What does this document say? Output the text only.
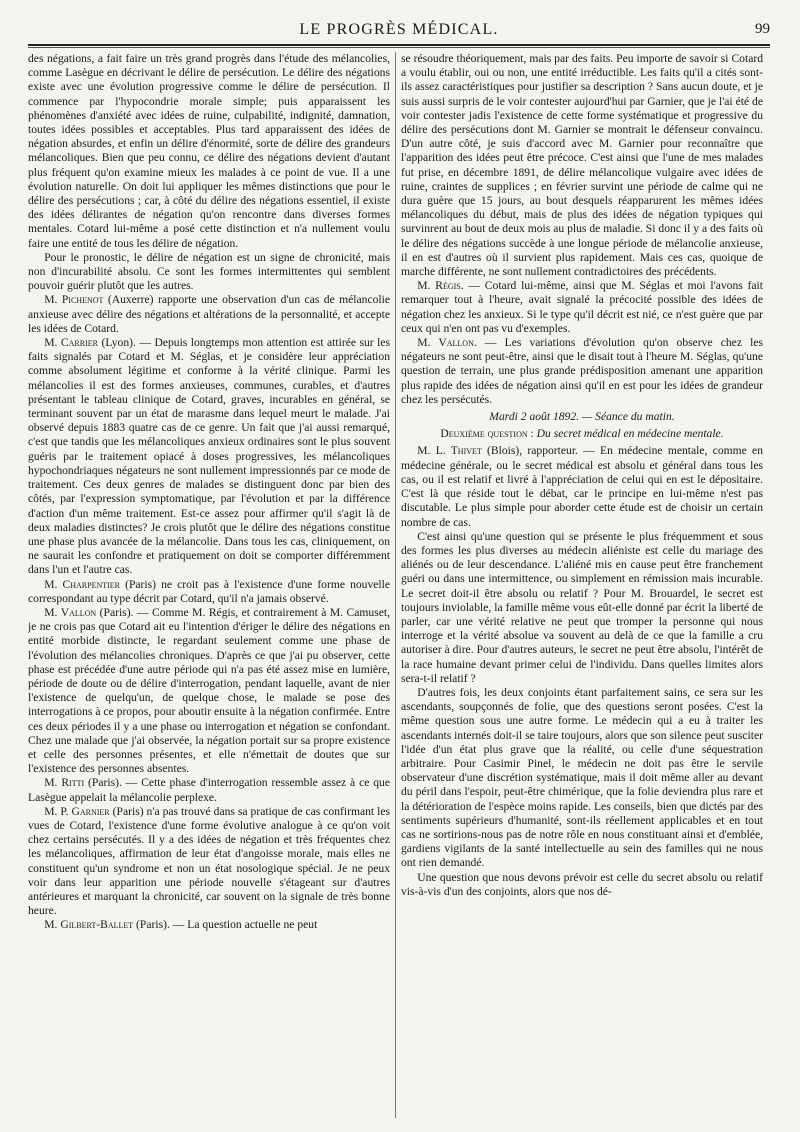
LE PROGRÈS MÉDICAL.	99

des négations, a fait faire un très grand progrès dans l'étude des mélancolies, comme Lasègue en décrivant le délire de persécution. Le délire des négations existe avec une évolution progressive comme le délire de persécution. Il commence par l'hypocondrie morale simple; puis apparaissent les phénomènes d'anxiété avec idées de ruine, culpabilité, indignité, damnation, toutes idées possibles et acceptables. Plus tard apparaissent des idées de négation absurdes, et enfin un délire d'énormité, sorte de délire des grandeurs mélancoliques. Bien que peu connu, ce délire des négations devient d'autant plus fréquent qu'on examine mieux les malades à ce point de vue. Il a une évolution naturelle. On doit lui appliquer les mêmes distinctions que pour le délire des persécutions ; car, à côté du délire des négations essentiel, il existe des idées délirantes de négation qu'on rencontre dans diverses formes mentales. Cotard lui-même a posé cette distinction et n'a nullement voulu faire une entité de tous les délire de négation.

Pour le pronostic, le délire de négation est un signe de chronicité, mais non d'incurabilité absolu. Ce sont les formes intermittentes qui semblent pouvoir guérir plutôt que les autres.

M. Pichenot (Auxerre) rapporte une observation d'un cas de mélancolie anxieuse avec délire des négations et altérations de la personnalité, et accepte les idées de Cotard.

M. Carrier (Lyon). — Depuis longtemps mon attention est attirée sur les faits signalés par Cotard et M. Séglas, et je considère leur appréciation comme absolument légitime et conforme à la vérité clinique. Parmi les mélancolies il est des formes anxieuses, communes, curables, et d'autres présentant le tableau clinique de Cotard, graves, incurables en général, se terminant souvent par un état de marasme dans lequel meurt le malade. J'ai observé depuis 1883 quatre cas de ce genre. Un fait que j'ai aussi remarqué, c'est que tandis que les mélancoliques anxieux ordinaires sont le plus souvent guéris par le traitement opiacé à doses progressives, les mélancoliques hypochondriaques négateurs ne sont nullement impressionnés par ce mode de traitement. Ces deux genres de malades se distinguent donc par bien des côtés, par l'expression symptomatique, par l'évolution et par la différence d'action d'un même traitement. Est-ce assez pour affirmer qu'il s'agit là de deux maladies distinctes? Je crois plutôt que le délire des négations constitue une phase plus avancée de la mélancolie. Dans tous les cas, cliniquement, on ne saurait les confondre et pratiquement on doit se comporter différemment dans l'un et l'autre cas.

M. Charpentier (Paris) ne croit pas à l'existence d'une forme nouvelle correspondant au type décrit par Cotard, qu'il n'a jamais observé.

M. Vallon (Paris). — Comme M. Régis, et contrairement à M. Camuset, je ne crois pas que Cotard ait eu l'intention d'ériger le délire des négations en entité morbide distincte, le regardant seulement comme une phase de l'évolution des mélancolies chroniques. D'après ce que j'ai pu observer, cette phase est précédée d'une autre période qui n'a pas été assez mise en lumière, période de doute ou de délire d'interrogation, pendant laquelle, avant de nier l'existence de quelqu'un, de quelque chose, le malade se pose des interrogations à ce propos, pour aboutir ensuite à la négation confirmée. Entre ces deux périodes il y a une phase ou interrogation et négation se confondant. Chez une malade que j'ai observée, la négation portait sur sa propre existence et celle des personnes présentes, et elle n'émettait de doutes que sur l'existence des personnes absentes.

M. Ritti (Paris). — Cette phase d'interrogation ressemble assez à ce que Lasègue appelait la mélancolie perplexe.

M. P. Garnier (Paris) n'a pas trouvé dans sa pratique de cas confirmant les vues de Cotard, l'existence d'une forme évolutive analogue à ce qu'on voit chez certains persécutés. Il y a des idées de négation et très fréquentes chez les mélancoliques, affirmation de leur état d'angoisse morale, mais elles ne constituent qu'un syndrome et non un état nosologique spécial. Je ne peux voir dans leur apparition une période nouvelle s'étageant sur d'autres antérieures et marquant la chronicité, car souvent on la signale de très bonne heure.

M. Gilbert-Ballet (Paris). — La question actuelle ne peut

se résoudre théoriquement, mais par des faits. Peu importe de savoir si Cotard a voulu établir, oui ou non, une entité irréductible. Les faits qu'il a cités sont-ils assez caractéristiques pour justifier sa description ? Sans aucun doute, et je suis aussi surpris de le voir contester aujourd'hui par Garnier, que je l'ai été de voir contester jadis l'existence de cette forme systématique et progressive du délire des persécutions dont M. Garnier se montrait le défenseur convaincu. D'un autre côté, je suis d'accord avec M. Garnier pour reconnaître que l'apparition des idées peut être précoce. C'est ainsi que l'une de mes malades fut prise, en décembre 1891, de délire mélancolique vulgaire avec idées de ruine, craintes de supplices ; en février survint une période de calme qui ne dura guère que 15 jours, au bout desquels réapparurent les mêmes idées mélancoliques du début, mais de plus des idées de négation typiques qui survinrent au bout de deux mois au plus de maladie. Si donc il y a des faits où le délire des négations succède à une longue période de mélancolie anxieuse, il en est d'autres où il survient plus rapidement. Mais ces cas, quoique de marche différente, ne sont nullement contradictoires des précédents.

M. Régis. — Cotard lui-même, ainsi que M. Séglas et moi l'avons fait remarquer tout à l'heure, avait signalé la précocité possible des idées de négation chez les anxieux. Si le type qu'il décrit est nié, ce n'est guère que par ceux qui n'en ont pas vu d'exemples.

M. Vallon. — Les variations d'évolution qu'on observe chez les négateurs ne sont peut-être, ainsi que le disait tout à l'heure M. Séglas, qu'une question de terrain, une plus grande prédisposition amenant une apparition plus rapide des idées de négation ainsi qu'il en est pour les idées de grandeur chez les persécutés.

Mardi 2 août 1892. — Séance du matin.

Deuxième question : Du secret médical en médecine mentale.

M. L. Thivet (Blois), rapporteur. — En médecine mentale, comme en médecine générale, ou le secret médical est absolu et général dans tous les cas, ou il est relatif et livré à l'appréciation de celui qui en est le dépositaire. C'est là que réside tout le débat, car le principe en lui-même n'est pas discutable. Le plus simple pour aborder cette étude est de choisir un certain nombre de cas.

C'est ainsi qu'une question qui se présente le plus fréquemment et sous des formes les plus diverses au médecin aliéniste est celle du mariage des aliénés ou de leur descendance. L'aliéné mis en cause peut être franchement guéri ou dans une intermittence, ou simplement en rémission mais incurable. Le secret doit-il être absolu ou relatif ? Pour M. Brouardel, le secret est toujours inviolable, la famille même vous eût-elle donné par écrit la liberté de parler, car une vérité relative ne peut que tromper la personne qui nous interroge et la vérité absolue va souvent au delà de ce que la famille a cru autoriser à dire. Pour d'autres auteurs, le secret ne peut être absolu, l'intérêt de la race humaine devant primer celui de l'individu. Dans quelles limites alors sera-t-il relatif ?

D'autres fois, les deux conjoints étant parfaitement sains, ce sera sur les ascendants, soupçonnés de folie, que des questions seront posées. C'est la même question sous une autre forme. Le médecin qui a eu à traiter les ascendants internés doit-il se taire toujours, alors que son silence peut susciter l'idée d'un état plus grave que la réalité, ou celle d'une séquestration arbitraire. Pour Casimir Pinel, le médecin ne doit pas être le servile observateur d'une discrétion systématique, mais il doit même aller au devant du péril dans l'espoir, peut-être chimérique, que la folie deviendra plus rare et la détérioration de l'espèce moins rapide. Les conseils, bien que dictés par des sentiments supérieurs d'humanité, sont-ils réellement applicables et en tout cas ne sortirions-nous pas de notre rôle en nous constituant ainsi et d'emblée, gardiens vigilants de la santé intellectuelle au sein des familles qui ne nous ont rien demandé.

Une question que nous devons prévoir est celle du secret absolu ou relatif vis-à-vis d'un des conjoints, alors que nos dé-
